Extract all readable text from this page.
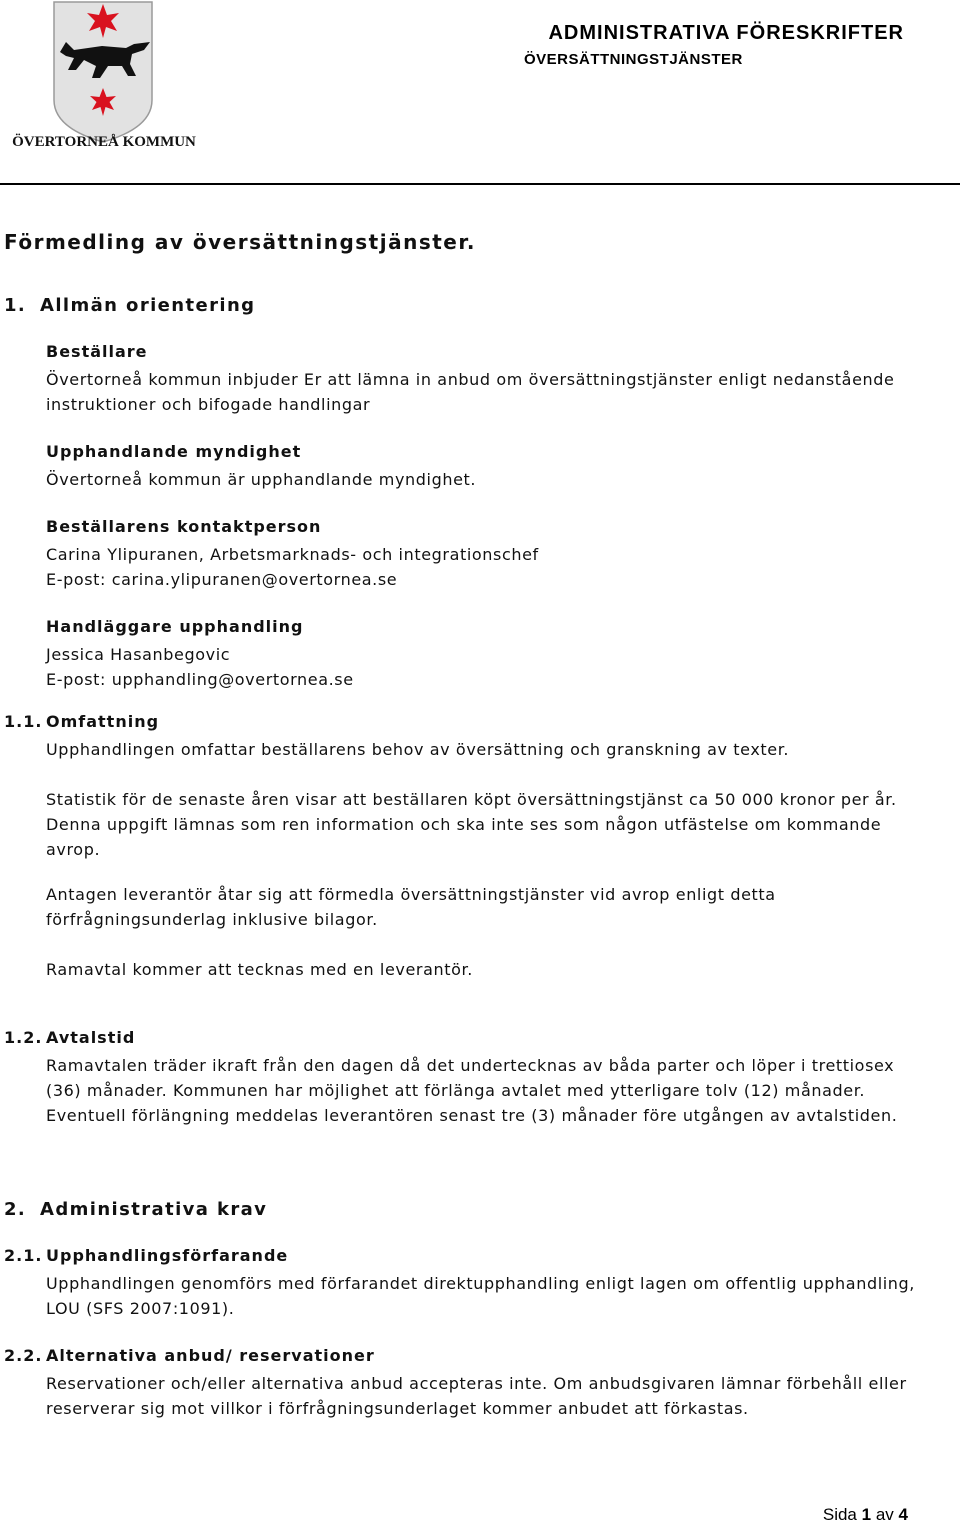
ÖVERTORNEÅ KOMMUN
ADMINISTRATIVA FÖRESKRIFTER
ÖVERSÄTTNINGSTJÄNSTER
Förmedling av översättningstjänster.
1. Allmän orientering
Beställare
Övertorneå kommun inbjuder Er att lämna in anbud om översättningstjänster enligt nedanstående instruktioner och bifogade handlingar
Upphandlande myndighet
Övertorneå kommun är upphandlande myndighet.
Beställarens kontaktperson
Carina Ylipuranen, Arbetsmarknads- och integrationschef
E-post: carina.ylipuranen@overtornea.se
Handläggare upphandling
Jessica Hasanbegovic
E-post: upphandling@overtornea.se
1.1. Omfattning
Upphandlingen omfattar beställarens behov av översättning och granskning av texter.
Statistik för de senaste åren visar att beställaren köpt översättningstjänst ca 50 000 kronor per år. Denna uppgift lämnas som ren information och ska inte ses som någon utfästelse om kommande avrop.
Antagen leverantör åtar sig att förmedla översättningstjänster vid avrop enligt detta förfrågningsunderlag inklusive bilagor.
Ramavtal kommer att tecknas med en leverantör.
1.2. Avtalstid
Ramavtalen träder ikraft från den dagen då det undertecknas av båda parter och löper i trettiosex (36) månader. Kommunen har möjlighet att förlänga avtalet med ytterligare tolv (12) månader. Eventuell förlängning meddelas leverantören senast tre (3) månader före utgången av avtalstiden.
2. Administrativa krav
2.1. Upphandlingsförfarande
Upphandlingen genomförs med förfarandet direktupphandling enligt lagen om offentlig upphandling, LOU (SFS 2007:1091).
2.2. Alternativa anbud/ reservationer
Reservationer och/eller alternativa anbud accepteras inte. Om anbudsgivaren lämnar förbehåll eller reserverar sig mot villkor i förfrågningsunderlaget kommer anbudet att förkastas.
Sida 1 av 4
